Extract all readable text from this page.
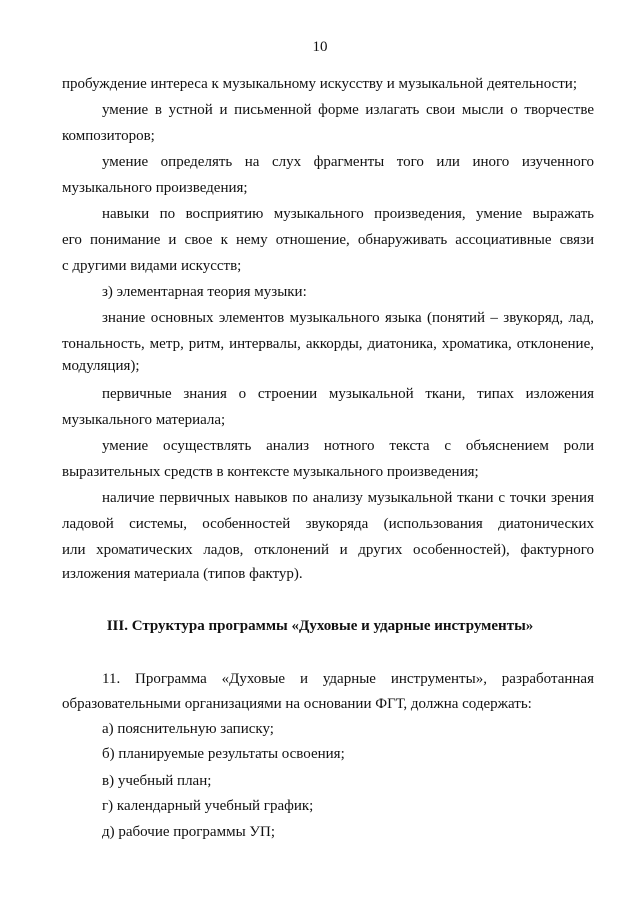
10
пробуждение интереса к музыкальному искусству и музыкальной деятельности;
умение в устной и письменной форме излагать свои мысли о творчестве
композиторов;
умение определять на слух фрагменты того или иного изученного
музыкального произведения;
навыки по восприятию музыкального произведения, умение выражать
его понимание и свое к нему отношение, обнаруживать ассоциативные связи
с другими видами искусств;
з) элементарная теория музыки:
знание основных элементов музыкального языка (понятий – звукоряд, лад,
тональность, метр, ритм, интервалы, аккорды, диатоника, хроматика, отклонение,
модуляция);
первичные знания о строении музыкальной ткани, типах изложения
музыкального материала;
умение осуществлять анализ нотного текста с объяснением роли
выразительных средств в контексте музыкального произведения;
наличие первичных навыков по анализу музыкальной ткани с точки зрения
ладовой системы, особенностей звукоряда (использования диатонических
или хроматических ладов, отклонений и других особенностей), фактурного
изложения материала (типов фактур).
III. Структура программы «Духовые и ударные инструменты»
11. Программа «Духовые и ударные инструменты», разработанная
образовательными организациями на основании ФГТ, должна содержать:
а) пояснительную записку;
б) планируемые результаты освоения;
в) учебный план;
г) календарный учебный график;
д) рабочие программы УП;
